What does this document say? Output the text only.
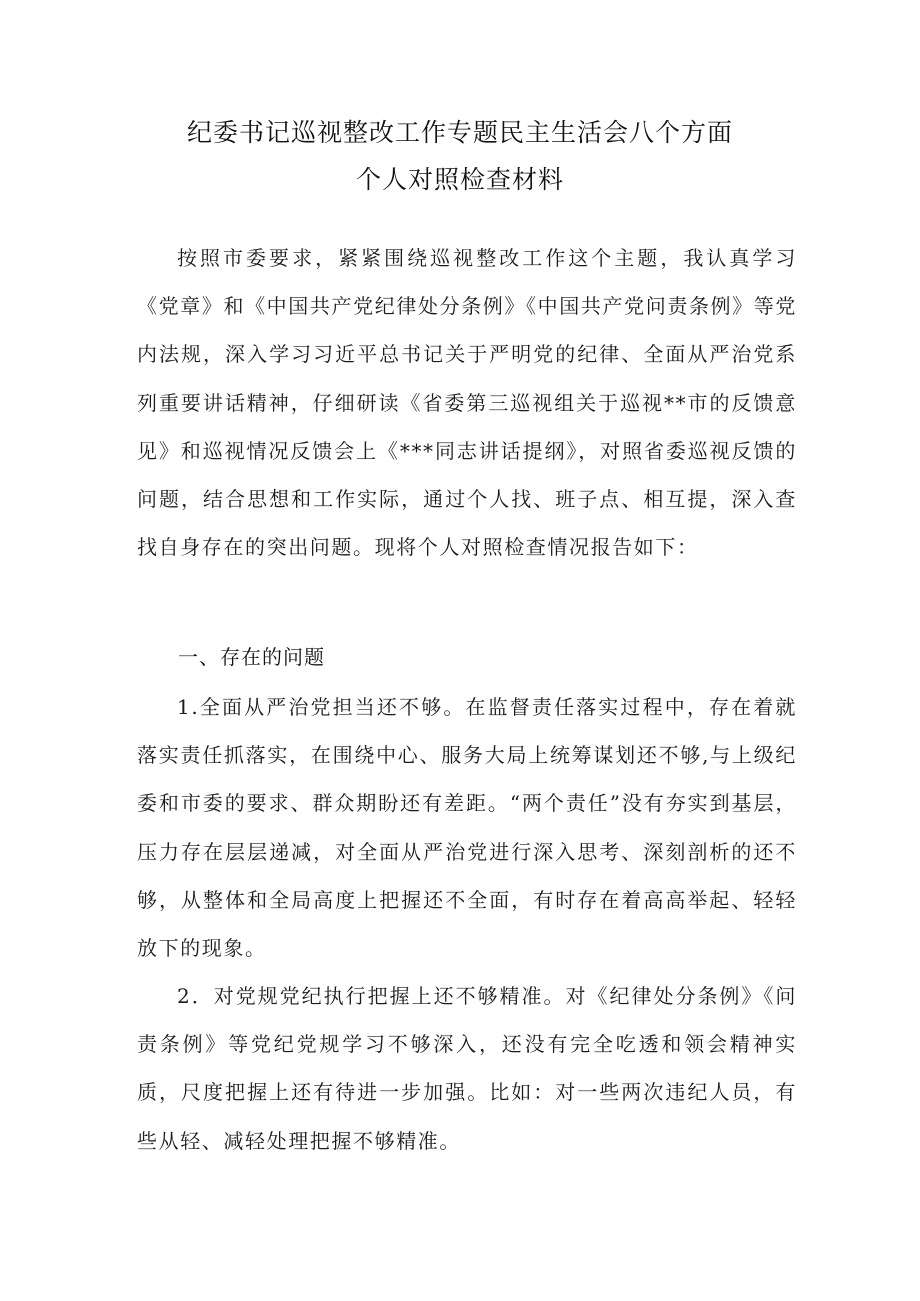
纪委书记巡视整改工作专题民主生活会八个方面
个人对照检查材料

按照市委要求，紧紧围绕巡视整改工作这个主题，我认真学习《党章》和《中国共产党纪律处分条例》《中国共产党问责条例》等党内法规，深入学习习近平总书记关于严明党的纪律、全面从严治党系列重要讲话精神，仔细研读《省委第三巡视组关于巡视**市的反馈意见》和巡视情况反馈会上《***同志讲话提纲》，对照省委巡视反馈的问题，结合思想和工作实际，通过个人找、班子点、相互提，深入查找自身存在的突出问题。现将个人对照检查情况报告如下：

一、存在的问题

1.全面从严治党担当还不够。在监督责任落实过程中，存在着就落实责任抓落实，在围绕中心、服务大局上统筹谋划还不够,与上级纪委和市委的要求、群众期盼还有差距。“两个责任”没有夯实到基层，压力存在层层递减，对全面从严治党进行深入思考、深刻剖析的还不够，从整体和全局高度上把握还不全面，有时存在着高高举起、轻轻放下的现象。

2．对党规党纪执行把握上还不够精准。对《纪律处分条例》《问责条例》等党纪党规学习不够深入，还没有完全吃透和领会精神实质，尺度把握上还有待进一步加强。比如：对一些两次违纪人员，有些从轻、减轻处理把握不够精准。
